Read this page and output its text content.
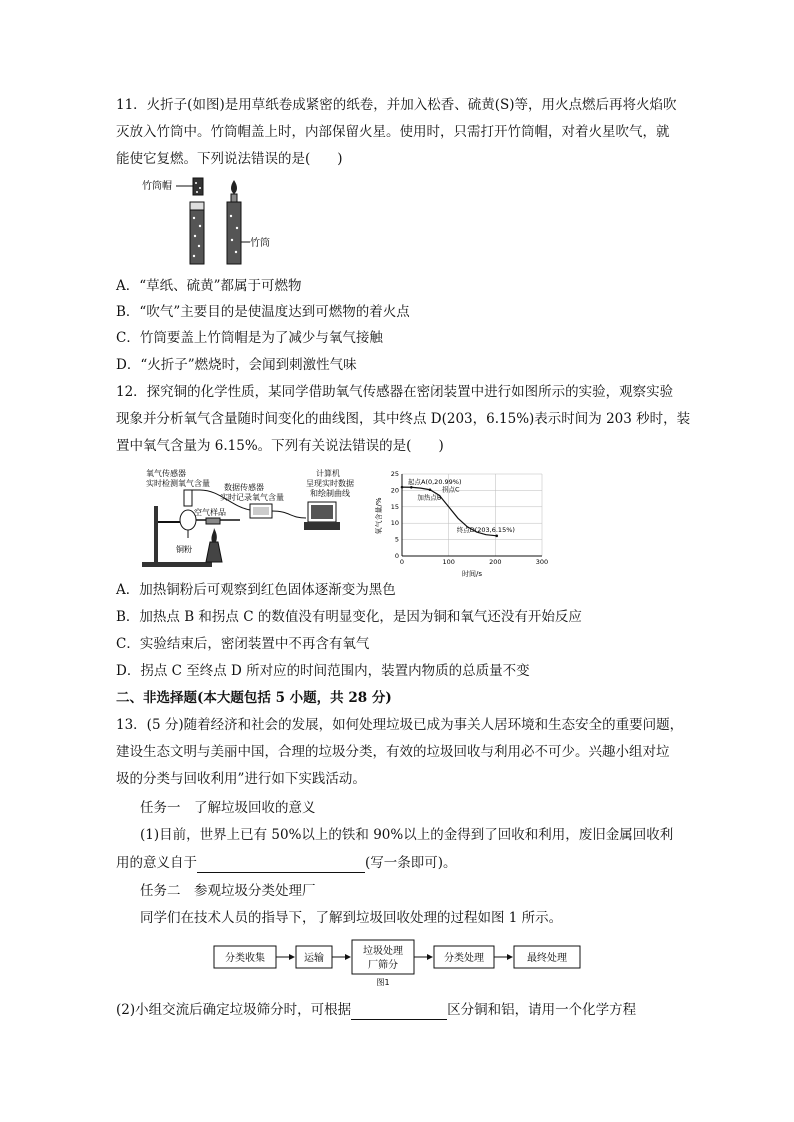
11．火折子(如图)是用草纸卷成紧密的纸卷，并加入松香、硫黄(S)等，用火点燃后再将火焰吹
灭放入竹筒中。竹筒帽盖上时，内部保留火星。使用时，只需打开竹筒帽，对着火星吹气，就
能使它复燃。下列说法错误的是(　　)
竹筒帽
竹筒
A．“草纸、硫黄”都属于可燃物
B．“吹气”主要目的是使温度达到可燃物的着火点
C．竹筒要盖上竹筒帽是为了减少与氧气接触
D．“火折子”燃烧时，会闻到刺激性气味
12．探究铜的化学性质，某同学借助氧气传感器在密闭装置中进行如图所示的实验，观察实验
现象并分析氧气含量随时间变化的曲线图，其中终点 D(203，6.15%)表示时间为 203 秒时，装
置中氧气含量为 6.15%。下列有关说法错误的是(　　)
氧气传感器
实时检测氧气含量 数据传感器
实时记录氧气含量
计算机
呈现实时数据
和绘制曲线
空气样品
铜粉
0	100	200	300
0
5
10
15
20
25
起点A(0,20.99%)
拐点C
加热点B
终点D(203,6.15%)
氧气含量/%
时间/s
A．加热铜粉后可观察到红色固体逐渐变为黑色
B．加热点 B 和拐点 C 的数值没有明显变化，是因为铜和氧气还没有开始反应
C．实验结束后，密闭装置中不再含有氧气
D．拐点 C 至终点 D 所对应的时间范围内，装置内物质的总质量不变
二、非选择题(本大题包括 5 小题，共 28 分)
13．(5 分)随着经济和社会的发展，如何处理垃圾已成为事关人居环境和生态安全的重要问题，
建设生态文明与美丽中国，合理的垃圾分类，有效的垃圾回收与利用必不可少。兴趣小组对垃
圾的分类与回收利用”进行如下实践活动。
任务一　了解垃圾回收的意义
(1)目前，世界上已有 50%以上的铁和 90%以上的金得到了回收和利用，废旧金属回收利
用的意义自于	(写一条即可)。
任务二　参观垃圾分类处理厂
同学们在技术人员的指导下，了解到垃圾回收处理的过程如图 1 所示。
分类收集	运输
垃圾处理
厂筛分
分类处理	最终处理
图1
(2)小组交流后确定垃圾筛分时，可根据	区分铜和铝，请用一个化学方程
